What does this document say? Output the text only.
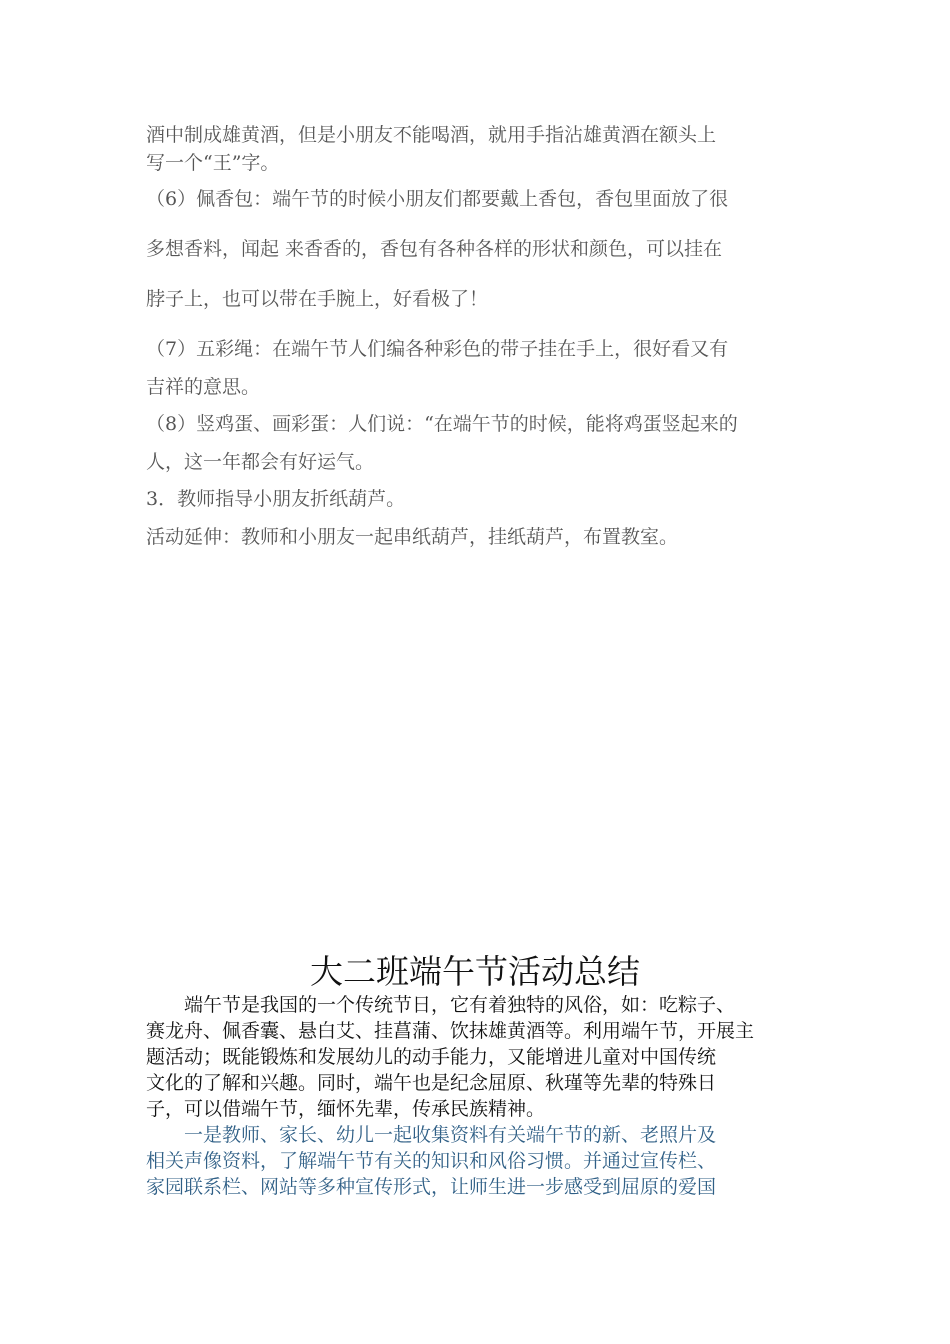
酒中制成雄黄酒，但是小朋友不能喝酒，就用手指沾雄黄酒在额头上
写一个“王”字。
（6）佩香包：端午节的时候小朋友们都要戴上香包，香包里面放了很
多想香料，闻起 来香香的，香包有各种各样的形状和颜色，可以挂在
脖子上，也可以带在手腕上，好看极了！
（7）五彩绳：在端午节人们编各种彩色的带子挂在手上，很好看又有
吉祥的意思。
（8）竖鸡蛋、画彩蛋：人们说：“在端午节的时候，能将鸡蛋竖起来的
人，这一年都会有好运气。
3．教师指导小朋友折纸葫芦。
活动延伸：教师和小朋友一起串纸葫芦，挂纸葫芦，布置教室。
大二班端午节活动总结
　　端午节是我国的一个传统节日，它有着独特的风俗，如：吃粽子、
赛龙舟、佩香囊、悬白艾、挂菖蒲、饮抹雄黄酒等。利用端午节，开展主
题活动；既能锻炼和发展幼儿的动手能力，又能增进儿童对中国传统
文化的了解和兴趣。同时，端午也是纪念屈原、秋瑾等先辈的特殊日
子，可以借端午节，缅怀先辈，传承民族精神。
　　一是教师、家长、幼儿一起收集资料有关端午节的新、老照片及
相关声像资料，了解端午节有关的知识和风俗习惯。并通过宣传栏、
家园联系栏、网站等多种宣传形式，让师生进一步感受到屈原的爱国
